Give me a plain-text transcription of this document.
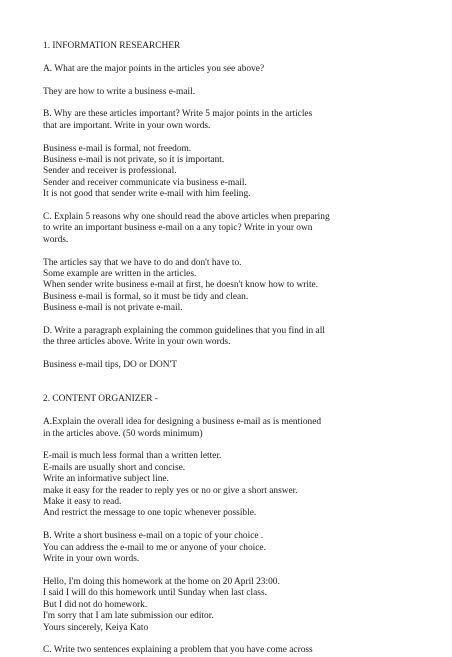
1. INFORMATION RESEARCHER
A. What are the major points in the articles you see above?
They are how to write a business e-mail.
B. Why are these articles important? Write 5 major points in the articles
that are important. Write in your own words.
Business e-mail is formal, not freedom.
Business e-mail is not private, so it is important.
Sender and receiver is professional.
Sender and receiver communicate via business e-mail.
It is not good that sender write e-mail with him feeling.
C. Explain 5 reasons why one should read the above articles when preparing
to write an important business e-mail on a any topic? Write in your own
words.
The articles say that we have to do and don't have to.
Some example are written in the articles.
When sender write business e-mail at first, he doesn't know how to write.
Business e-mail is formal, so it must be tidy and clean.
Business e-mail is not private e-mail.
D. Write a paragraph explaining the common guidelines that you find in all
the three articles above. Write in your own words.
Business e-mail tips, DO or DON'T
2. CONTENT ORGANIZER -
A.Explain the overall idea for designing a business e-mail as is mentioned
in the articles above. (50 words minimum)
E-mail is much less formal than a written letter.
E-mails are usually short and concise.
Write an informative subject line.
make it easy for the reader to reply yes or no or give a short answer.
Make it easy to read.
And restrict the message to one topic whenever possible.
B. Write a short business e-mail on a topic of your choice .
You can address the e-mail to me or anyone of your choice.
Write in your own words.
Hello, I'm doing this homework at the home on 20 April 23:00.
I said I will do this homework until Sunday when last class.
But I did not do homework.
I'm sorry that I am late submission our editor.
Yours sincerely, Keiya Kato
C. Write two sentences explaining a problem that you have come across
